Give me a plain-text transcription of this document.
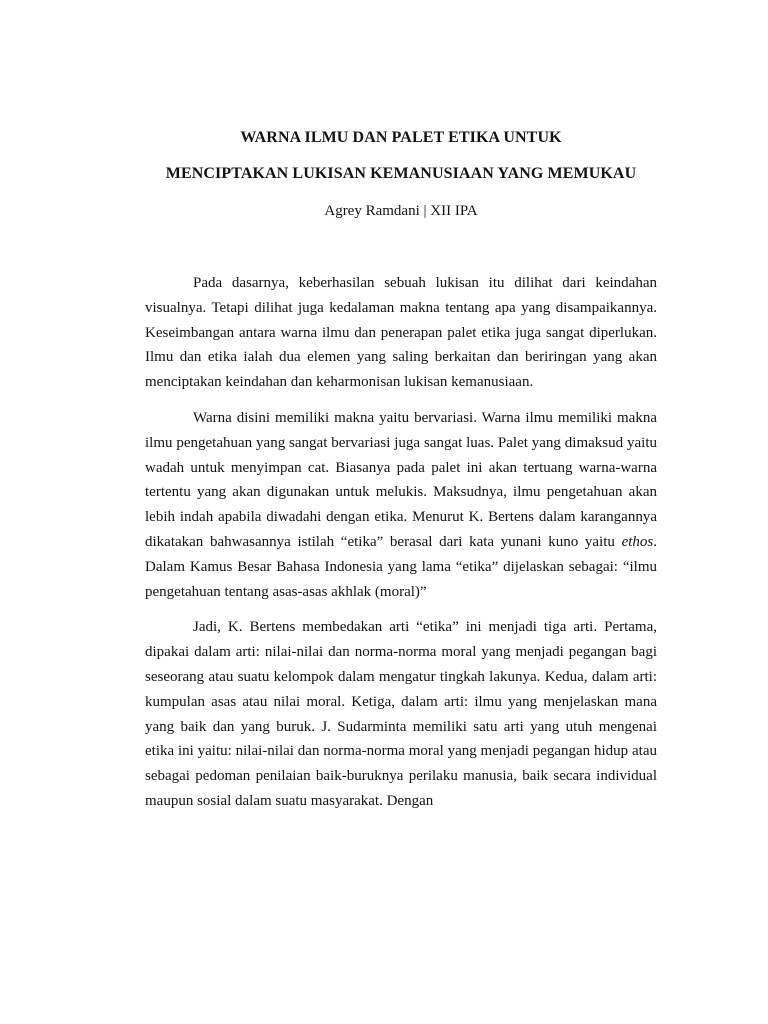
WARNA ILMU DAN PALET ETIKA UNTUK
MENCIPTAKAN LUKISAN KEMANUSIAAN YANG MEMUKAU
Agrey Ramdani | XII IPA

Pada dasarnya, keberhasilan sebuah lukisan itu dilihat dari keindahan visualnya. Tetapi dilihat juga kedalaman makna tentang apa yang disampaikannya. Keseimbangan antara warna ilmu dan penerapan palet etika juga sangat diperlukan. Ilmu dan etika ialah dua elemen yang saling berkaitan dan beriringan yang akan menciptakan keindahan dan keharmonisan lukisan kemanusiaan.

Warna disini memiliki makna yaitu bervariasi. Warna ilmu memiliki makna ilmu pengetahuan yang sangat bervariasi juga sangat luas. Palet yang dimaksud yaitu wadah untuk menyimpan cat. Biasanya pada palet ini akan tertuang warna-warna tertentu yang akan digunakan untuk melukis. Maksudnya, ilmu pengetahuan akan lebih indah apabila diwadahi dengan etika. Menurut K. Bertens dalam karangannya dikatakan bahwasannya istilah “etika” berasal dari kata yunani kuno yaitu ethos. Dalam Kamus Besar Bahasa Indonesia yang lama “etika” dijelaskan sebagai: “ilmu pengetahuan tentang asas-asas akhlak (moral)”

Jadi, K. Bertens membedakan arti “etika” ini menjadi tiga arti. Pertama, dipakai dalam arti: nilai-nilai dan norma-norma moral yang menjadi pegangan bagi seseorang atau suatu kelompok dalam mengatur tingkah lakunya. Kedua, dalam arti: kumpulan asas atau nilai moral. Ketiga, dalam arti: ilmu yang menjelaskan mana yang baik dan yang buruk. J. Sudarminta memiliki satu arti yang utuh mengenai etika ini yaitu: nilai-nilai dan norma-norma moral yang menjadi pegangan hidup atau sebagai pedoman penilaian baik-buruknya perilaku manusia, baik secara individual maupun sosial dalam suatu masyarakat. Dengan
